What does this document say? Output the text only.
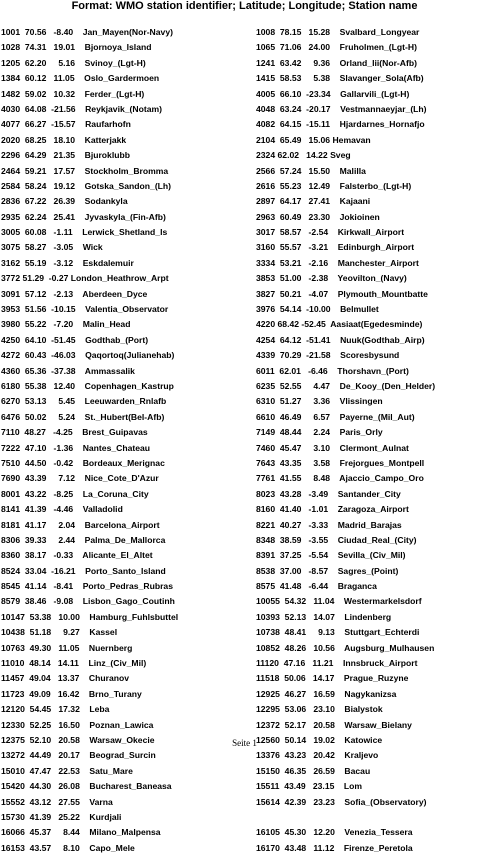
Format: WMO station identifier; Latitude; Longitude; Station name
1001  70.56   -8.40    Jan_Mayen(Nor-Navy)
1028  74.31   19.01    Bjornoya_Island
1205  62.20     5.16    Svinoy_(Lgt-H)
1384  60.12   11.05    Oslo_Gardermoen
1482  59.02   10.32    Ferder_(Lgt-H)
4030  64.08  -21.56    Reykjavik_(Notam)
4077  66.27  -15.57    Raufarhofn
2020  68.25   18.10    Katterjakk
2296  64.29   21.35    Bjuroklubb
2464  59.21   17.57    Stockholm_Bromma
2584  58.24   19.12    Gotska_Sandon_(Lh)
2836  67.22   26.39    Sodankyla
2935  62.24   25.41    Jyvaskyla_(Fin-Afb)
3005  60.08   -1.11    Lerwick_Shetland_Is
3075  58.27   -3.05    Wick
3162  55.19   -3.12    Eskdalemuir
3772 51.29  -0.27 London_Heathrow_Arpt
3091  57.12   -2.13    Aberdeen_Dyce
3953  51.56  -10.15    Valentia_Observator
3980  55.22   -7.20    Malin_Head
4250  64.10  -51.45    Godthab_(Port)
4272  60.43  -46.03    Qaqortoq(Julianehab)
4360  65.36  -37.38    Ammassalik
6180  55.38   12.40    Copenhagen_Kastrup
6270  53.13     5.45    Leeuwarden_Rnlafb
6476  50.02     5.24    St._Hubert(Bel-Afb)
7110  48.27   -4.25    Brest_Guipavas
7222  47.10   -1.36    Nantes_Chateau
7510  44.50   -0.42    Bordeaux_Merignac
7690  43.39     7.12    Nice_Cote_D'Azur
8001  43.22   -8.25    La_Coruna_City
8141  41.39   -4.46    Valladolid
8181  41.17     2.04    Barcelona_Airport
8306  39.33     2.44    Palma_De_Mallorca
8360  38.17   -0.33    Alicante_El_Altet
8524  33.04  -16.21    Porto_Santo_Island
8545  41.14   -8.41    Porto_Pedras_Rubras
8579  38.46   -9.08    Lisbon_Gago_Coutinh
10147  53.38   10.00    Hamburg_Fuhlsbuttel
10438  51.18     9.27    Kassel
10763  49.30   11.05    Nuernberg
11010  48.14   14.11    Linz_(Civ_Mil)
11457  49.04   13.37    Churanov
11723  49.09   16.42    Brno_Turany
12120  54.45   17.32    Leba
12330  52.25   16.50    Poznan_Lawica
12375  52.10   20.58    Warsaw_Okecie
13272  44.49   20.17    Beograd_Surcin
15010  47.47   22.53    Satu_Mare
15420  44.30   26.08    Bucharest_Baneasa
15552  43.12   27.55    Varna
15730  41.39   25.22    Kurdjali
16066  45.37     8.44    Milano_Malpensa
16153  43.57     8.10    Capo_Mele
1008  78.15   15.28    Svalbard_Longyear
1065  71.06   24.00    Fruholmen_(Lgt-H)
1241  63.42     9.36    Orland_Iii(Nor-Afb)
1415  58.53     5.38    Slavanger_Sola(Afb)
4005  66.10  -23.34    Gallarvili_(Lgt-H)
4048  63.24  -20.17    Vestmannaeyjar_(Lh)
4082  64.15  -15.11    Hjardarnes_Hornafjo
2104  65.49   15.06 Hemavan
2324 62.02   14.22 Sveg
2566  57.24   15.50    Malilla
2616  55.23   12.49    Falsterbo_(Lgt-H)
2897  64.17   27.41    Kajaani
2963  60.49   23.30    Jokioinen
3017  58.57   -2.54    Kirkwall_Airport
3160  55.57   -3.21    Edinburgh_Airport
3334  53.21   -2.16    Manchester_Airport
3853  51.00   -2.38    Yeovilton_(Navy)
3827  50.21   -4.07    Plymouth_Mountbatte
3976  54.14  -10.00    Belmullet
4220 68.42 -52.45  Aasiaat(Egedesminde)
4254  64.12  -51.41    Nuuk(Godthab_Airp)
4339  70.29  -21.58    Scoresbysund
6011  62.01   -6.46    Thorshavn_(Port)
6235  52.55     4.47    De_Kooy_(Den_Helder)
6310  51.27     3.36    Vlissingen
6610  46.49     6.57    Payerne_(Mil_Aut)
7149  48.44     2.24    Paris_Orly
7460  45.47     3.10    Clermont_Aulnat
7643  43.35     3.58    Frejorgues_Montpell
7761  41.55     8.48    Ajaccio_Campo_Oro
8023  43.28   -3.49    Santander_City
8160  41.40   -1.01    Zaragoza_Airport
8221  40.27   -3.33    Madrid_Barajas
8348  38.59   -3.55    Ciudad_Real_(City)
8391  37.25   -5.54    Sevilla_(Civ_Mil)
8538  37.00   -8.57    Sagres_(Point)
8575  41.48   -6.44    Braganca
10055  54.32   11.04    Westermarkelsdorf
10393  52.13   14.07    Lindenberg
10738  48.41     9.13    Stuttgart_Echterdi
10852  48.26   10.56    Augsburg_Mulhausen
11120  47.16   11.21    Innsbruck_Airport
11518  50.06   14.17    Prague_Ruzyne
12925  46.27   16.59    Nagykanizsa
12295  53.06   23.10    Bialystok
12372  52.17   20.58    Warsaw_Bielany
12560  50.14   19.02    Katowice
13376  43.23   20.42    Kraljevo
15150  46.35   26.59    Bacau
15511  43.49   23.15    Lom
15614  42.39   23.23    Sofia_(Observatory)
16105  45.30   12.20    Venezia_Tessera
16170  43.48   11.12    Firenze_Peretola
Seite 1
